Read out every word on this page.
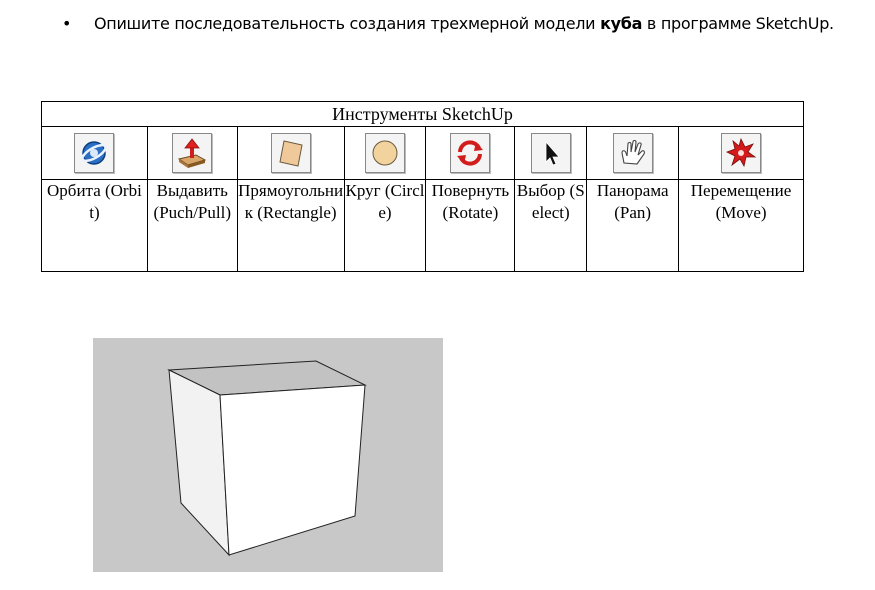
• Опишите последовательность создания трехмерной модели куба в программе SketchUp.
Инструменты SketchUp							

Орбита (Orbit)	Выдавить (Puch/Pull)	Прямоугольник (Rectangle)	Круг (Circle)	Повернуть (Rotate)	Выбор (Select)	Панорама (Pan)	Перемещение (Move)
